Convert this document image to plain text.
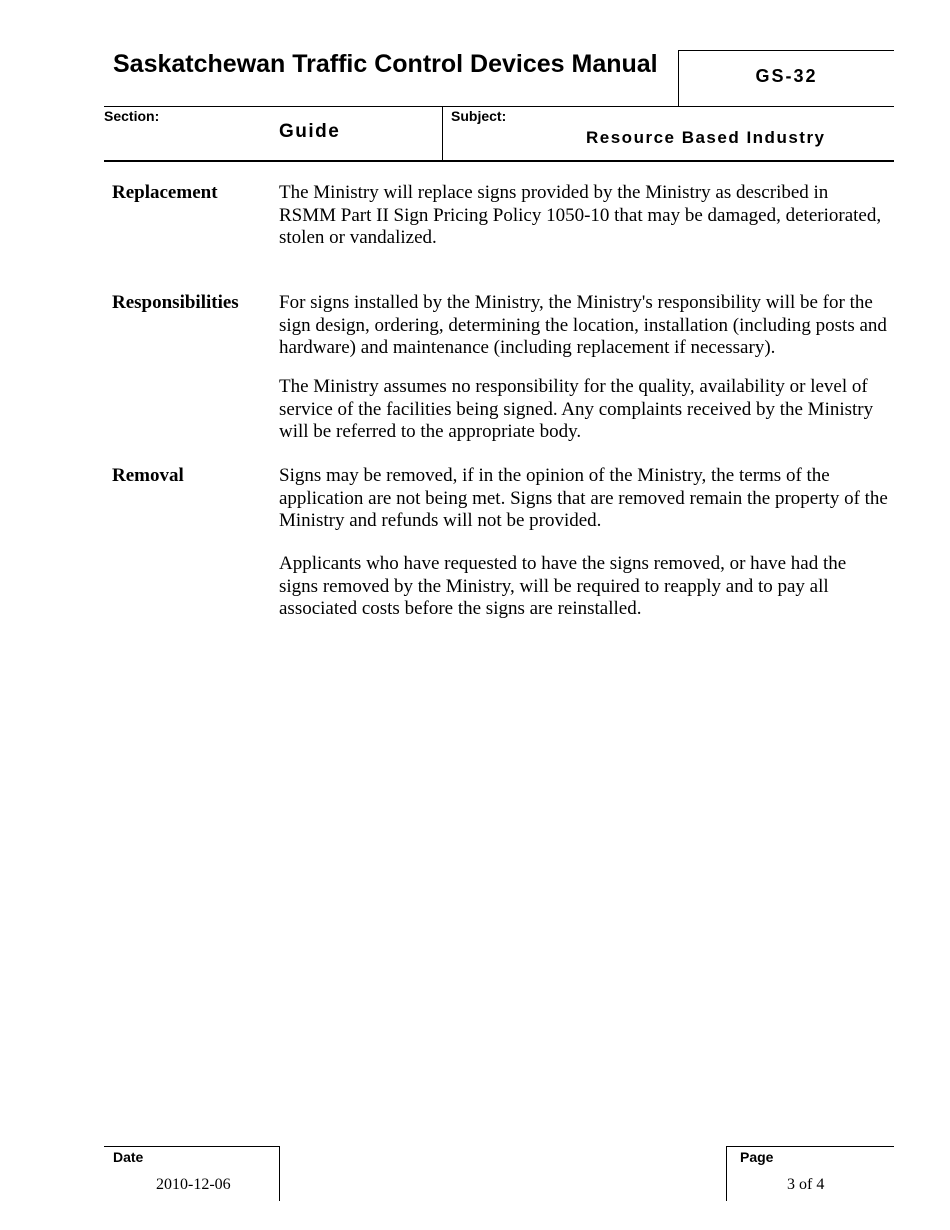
Saskatchewan Traffic Control Devices Manual	GS-32
Section:
Guide
Subject:
Resource Based Industry
Replacement	The Ministry will replace signs provided by the Ministry as described in RSMM Part II Sign Pricing Policy 1050-10 that may be damaged, deteriorated, stolen or vandalized.

Responsibilities For signs installed by the Ministry, the Ministry's responsibility will be for the sign design, ordering, determining the location, installation (including posts and hardware) and maintenance (including replacement if necessary).

The Ministry assumes no responsibility for the quality, availability or level of service of the facilities being signed. Any complaints received by the Ministry will be referred to the appropriate body.

Removal	Signs may be removed, if in the opinion of the Ministry, the terms of the application are not being met. Signs that are removed remain the property of the Ministry and refunds will not be provided.

Applicants who have requested to have the signs removed, or have had the signs removed by the Ministry, will be required to reapply and to pay all associated costs before the signs are reinstalled.

Date
2010-12-06
Page
3 of 4
